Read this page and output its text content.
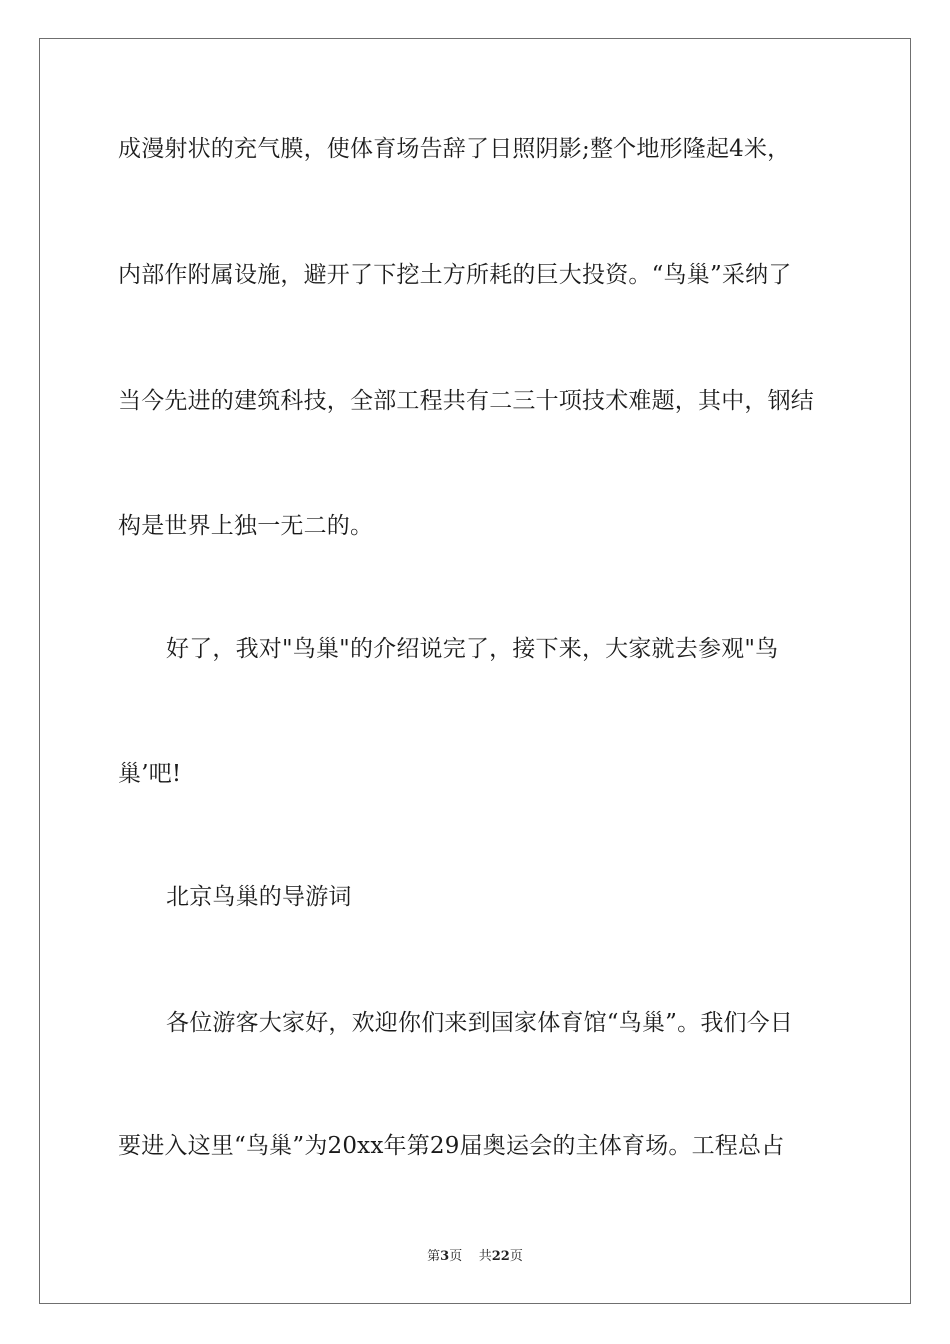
成漫射状的充气膜，使体育场告辞了日照阴影;整个地形隆起4米，
内部作附属设施，避开了下挖土方所耗的巨大投资。“鸟巢”采纳了
当今先进的建筑科技，全部工程共有二三十项技术难题，其中，钢结
构是世界上独一无二的。
好了，我对"鸟巢"的介绍说完了，接下来，大家就去参观"鸟
巢’吧!
北京鸟巢的导游词
各位游客大家好，欢迎你们来到国家体育馆“鸟巢”。我们今日
要进入这里“鸟巢”为20xx年第29届奥运会的主体育场。工程总占
第3页 共22页
